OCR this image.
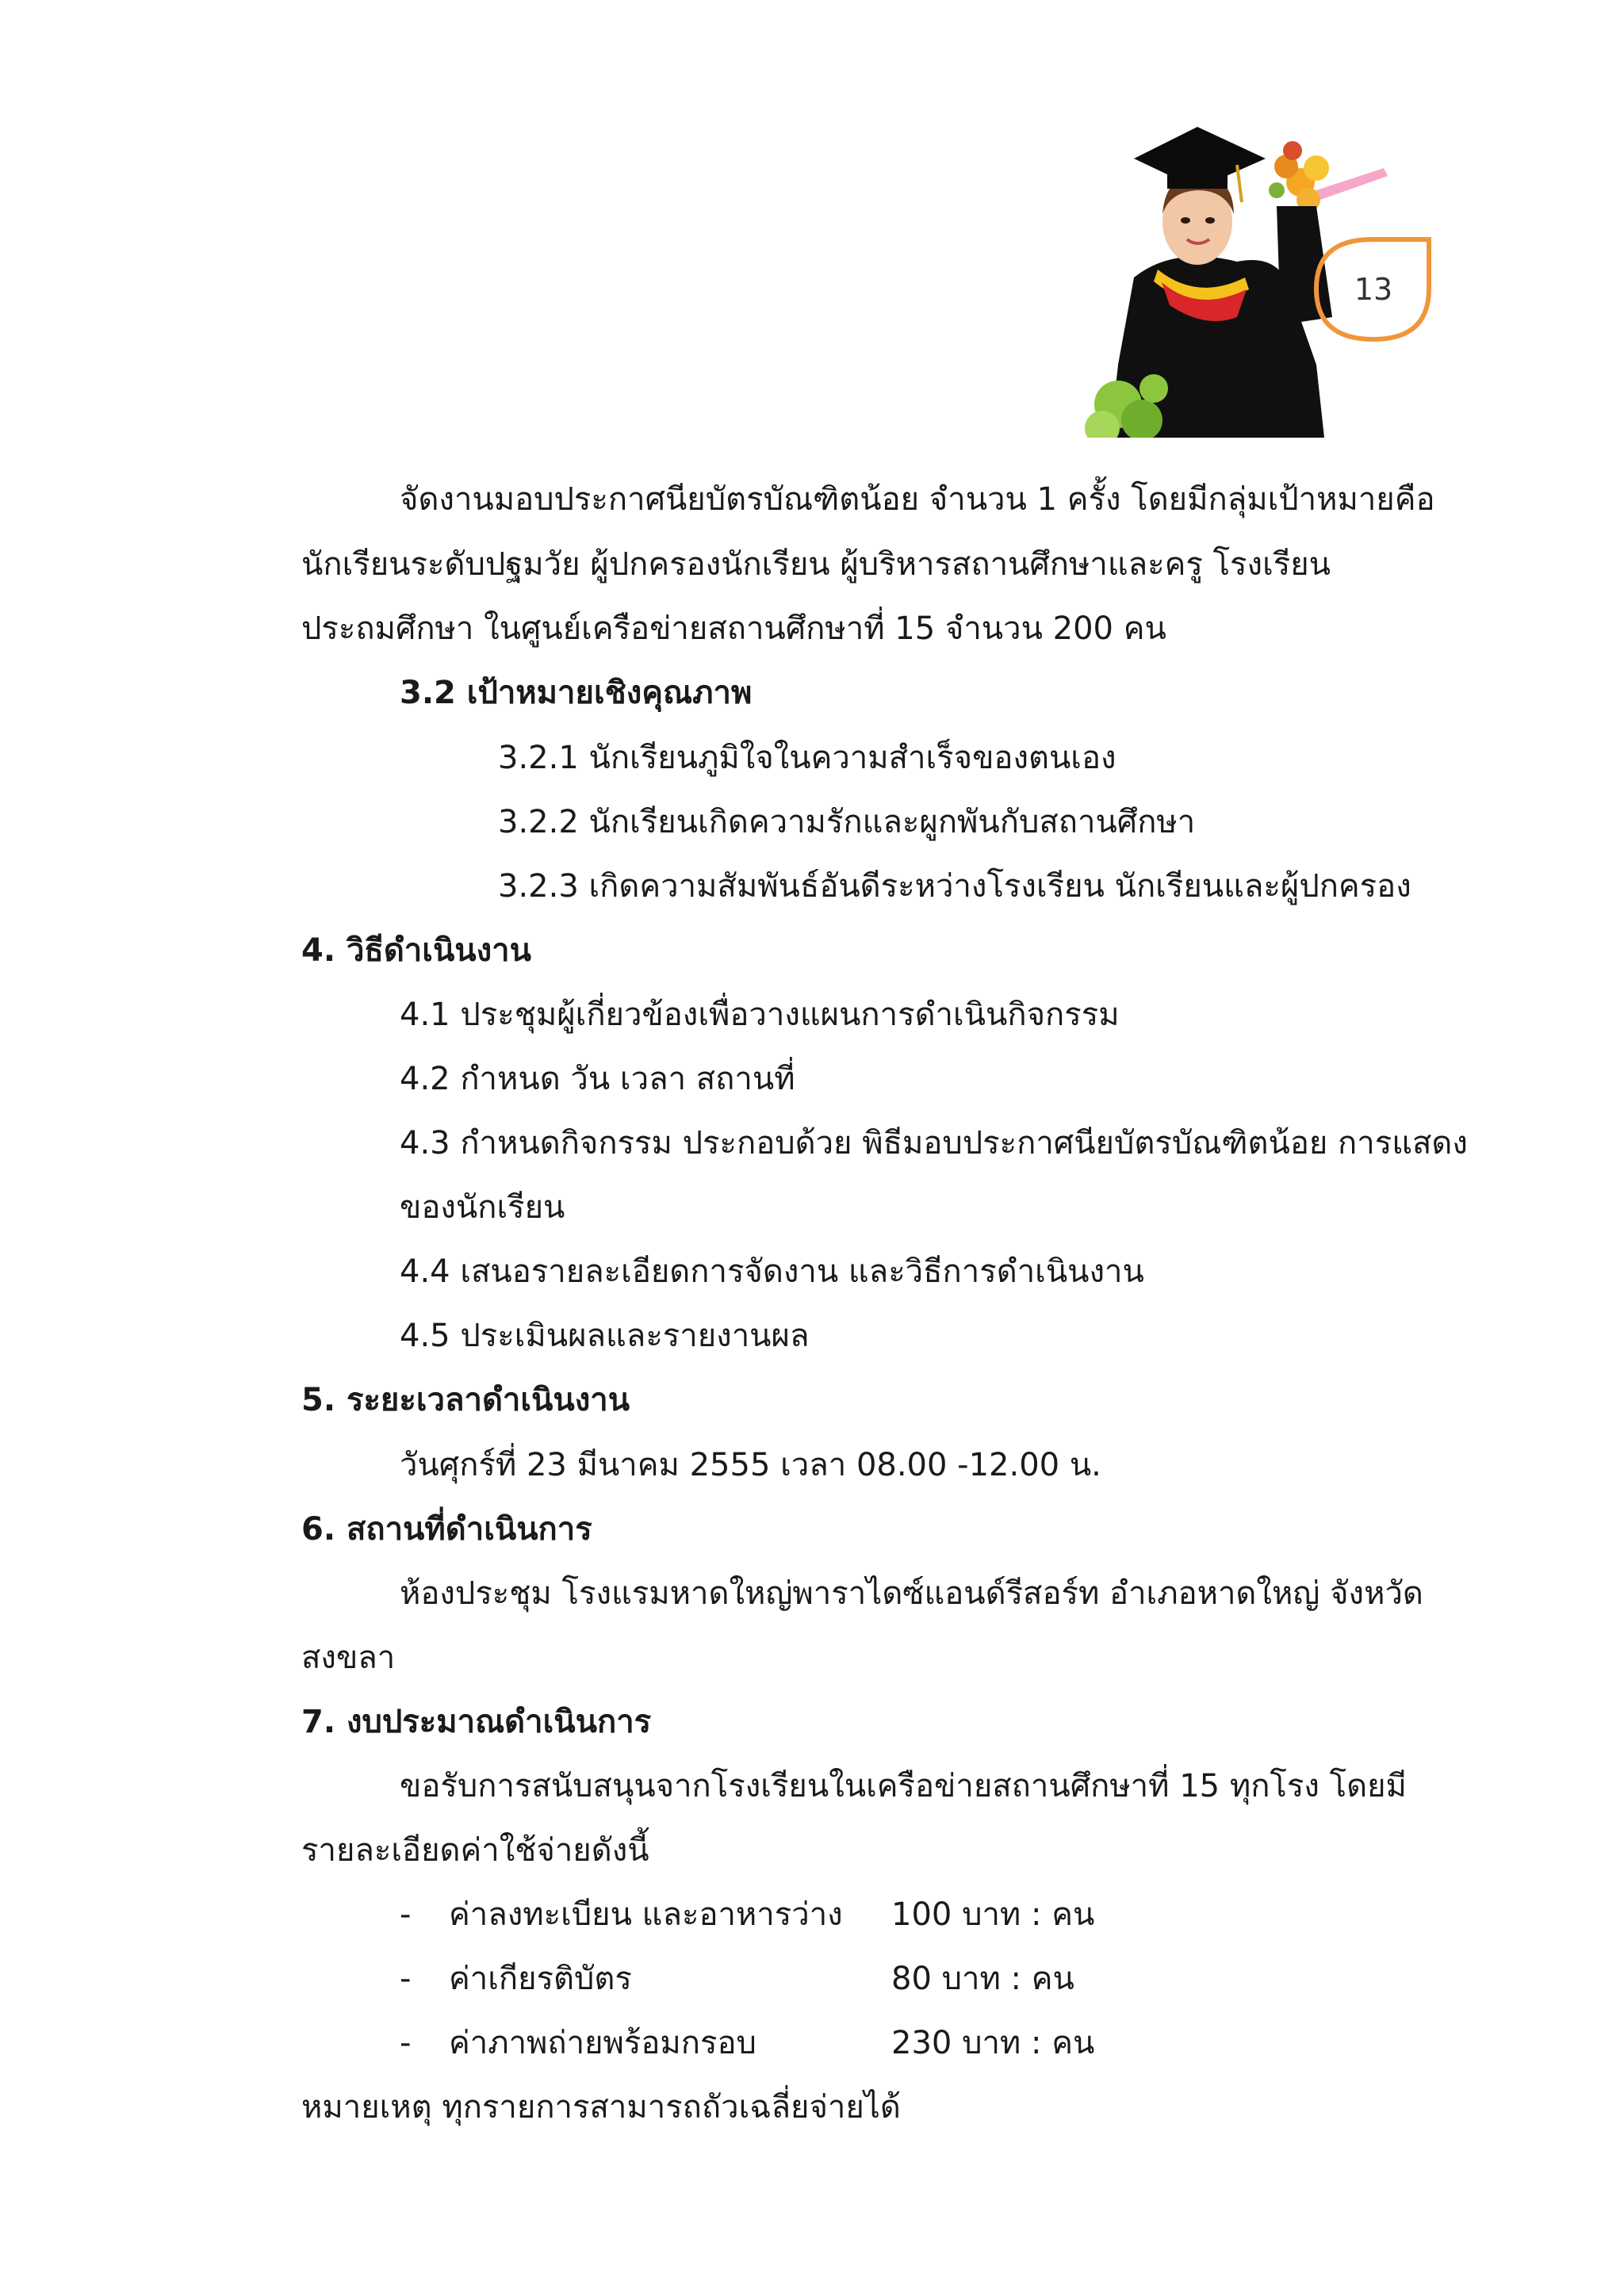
13
จัดงานมอบประกาศนียบัตรบัณฑิตน้อย จำนวน 1 ครั้ง โดยมีกลุ่มเป้าหมายคือ
นักเรียนระดับปฐมวัย ผู้ปกครองนักเรียน ผู้บริหารสถานศึกษาและครู โรงเรียน
ประถมศึกษา ในศูนย์เครือข่ายสถานศึกษาที่ 15 จำนวน 200 คน
3.2 เป้าหมายเชิงคุณภาพ
3.2.1 นักเรียนภูมิใจในความสำเร็จของตนเอง
3.2.2 นักเรียนเกิดความรักและผูกพันกับสถานศึกษา
3.2.3 เกิดความสัมพันธ์อันดีระหว่างโรงเรียน นักเรียนและผู้ปกครอง
4. วิธีดำเนินงาน
4.1 ประชุมผู้เกี่ยวข้องเพื่อวางแผนการดำเนินกิจกรรม
4.2 กำหนด วัน เวลา สถานที่
4.3 กำหนดกิจกรรม ประกอบด้วย พิธีมอบประกาศนียบัตรบัณฑิตน้อย การแสดง
ของนักเรียน
4.4 เสนอรายละเอียดการจัดงาน และวิธีการดำเนินงาน
4.5 ประเมินผลและรายงานผล
5. ระยะเวลาดำเนินงาน
วันศุกร์ที่ 23 มีนาคม 2555 เวลา 08.00 -12.00 น.
6. สถานที่ดำเนินการ
ห้องประชุม โรงแรมหาดใหญ่พาราไดซ์แอนด์รีสอร์ท อำเภอหาดใหญ่ จังหวัด
สงขลา
7. งบประมาณดำเนินการ
ขอรับการสนับสนุนจากโรงเรียนในเครือข่ายสถานศึกษาที่ 15 ทุกโรง โดยมี
รายละเอียดค่าใช้จ่ายดังนี้
- ค่าลงทะเบียน และอาหารว่าง 100 บาท : คน
- ค่าเกียรติบัตร	80 บาท : คน
- ค่าภาพถ่ายพร้อมกรอบ	230 บาท : คน
หมายเหตุ ทุกรายการสามารถถัวเฉลี่ยจ่ายได้
